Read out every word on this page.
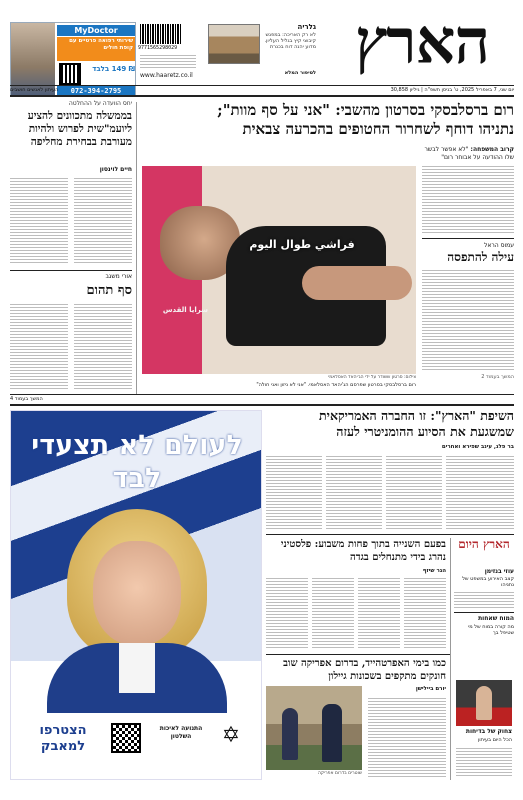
MyDoctor
שירותי רפואה פרטיים עם קופת חולים
₪ 149 בלבד
072-394-2795
9771565298029
www.haaretz.co.il
גלריה
לא רק האריכה: במפגש קיבוצי קיץ בגליל העליון. מדוע יהנה דוח בכנרת
לסיפור המלא הארץ
יום שני, 7 באפריל 2025, ט' בניסן תשפ"ה | גיליון 30,858
העיתון לאנשים חושבים
רום ברסלבסקי בסרטון מהשבי: "אני על סף מוות";
נתניהו דוחף לשחרור החטופים בהכרעה צבאית
יחס הוועדה על ההחלטה
בממשלה מתכוונים להציע ליועמ"שית לפרוש ולהיות מעורבת בבחירת מחליפה
חיים לוינסון
אורי משגב
סף תהום
فراشي طوال اليوم
سرايا القدس
צילום: סרטון ששודר על ידי הג'יהאד האסלאמי
רום ברסלבסקי בסרטון שפרסם הג'יהאד האסלאמי. "אני לא ניזון ואני חולה"
קרוב המשפחה: "לא אפשר לבשר שלו ההודעה על אבוחר רום"
עמוס הראל
עילה להתפסה
המשך בעמוד 2
המשך בעמוד 4
לעולם לא תצעדי לבד
הצטרפו למאבק
התנועה לאיכות השלטון	✡
השיפת "הארץ": זו החברה האמריקאית
שמשגעת את הסיוע ההומניטרי לעזה
בר פלג, עינב שפירא ואחרים
הארץ היום
עוזי בנזימן
קצב האירוע במשפט של נתניהו
המוח שאחות
מה קורה במוח של מי שטיפל בך
בפעם השנייה בתוך פחות משבוע: פלסטיני נהרג בידי מתנחלים בגדה
הגר שיזף
כמו בימי האפרטהייד, בדרום אפריקה שוב חונקים מתקפים בשכונות גיילון
שוטרים בדרום אפריקה
יורם ביילישן
צחוק של בדיחות
הכל היום בעיתון
